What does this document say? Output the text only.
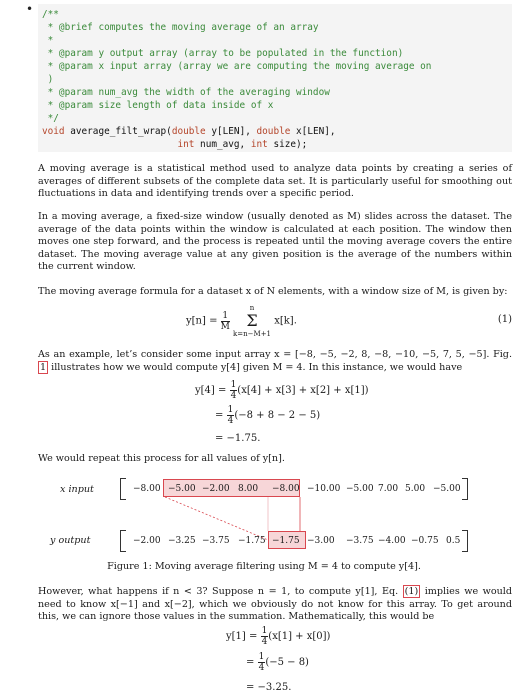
• /**
* @brief computes the moving average of an array
*
* @param y output array (array to be populated in the function)
* @param x input array (array we are computing the moving average on
)
* @param num_avg the width of the averaging window
* @param size length of data inside of x
*/
void average_filt_wrap(double y[LEN], double x[LEN],
int num_avg, int size);

A moving average is a statistical method used to analyze data points by creating a series of averages of different subsets of the complete data set. It is particularly useful for smoothing out fluctuations in data and identifying trends over a specific period.

In a moving average, a fixed-size window (usually denoted as M) slides across the dataset. The average of the data points within the window is calculated at each position. The window then moves one step forward, and the process is repeated until the moving average covers the entire dataset. The moving average value at any given position is the average of the numbers within the current window.

The moving average formula for a dataset x of N elements, with a window size of M, is given by:

$y[n] = \frac{1}{M}$
n
Σ
k=n−M+1 x[k].	(1)

As an example, let’s consider some input array x = [−8, −5, −2, 8, −8, −10, −5, 7, 5, −5]. Fig. 1 illustrates how we would compute y[4] given M = 4. In this instance, we would have

$y[4] = \frac{1}{4} (x[4] + x[3] + x[2] + x[1])$
= $\frac{1}{4} (-8 + 8 - 2 - 5)$
= −1.75.

We would repeat this process for all values of y[n].

x input
y output
−8.00 −5.00 −2.00 8.00 −8.00 −10.00 −5.00 7.00 5.00 −5.00
−2.00 −3.25 −3.75 −1.75 −1.75 −3.00 −3.75 −4.00 −0.75 0.5
Figure 1: Moving average filtering using M = 4 to compute y[4].

However, what happens if n < 3? Suppose n = 1, to compute y[1], Eq. (1) implies we would need to know x[−1] and x[−2], which we obviously do not know for this array. To get around this, we can ignore those values in the summation. Mathematically, this would be

$y[1] = \frac{1}{4} (x[1] + x[0])$
= $\frac{1}{4} (-5 - 8)$
= −3.25.
